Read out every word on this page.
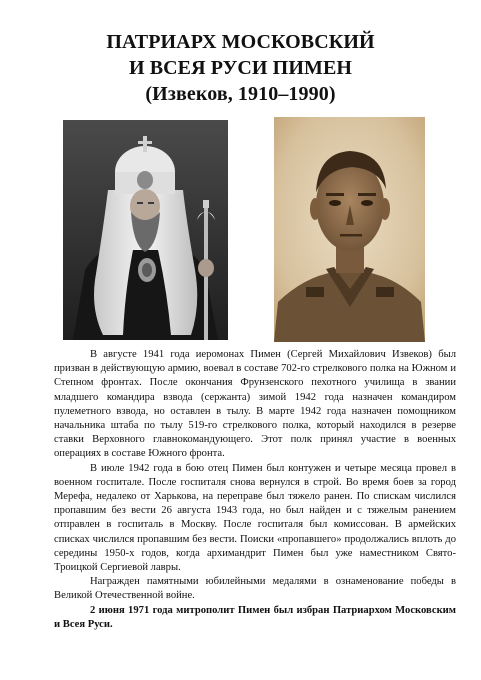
ПАТРИАРХ МОСКОВСКИЙ
И ВСЕЯ РУСИ ПИМЕН
(Извеков, 1910–1990)

В августе 1941 года иеромонах Пимен (Сергей Михайлович Извеков) был призван в действующую армию, воевал в составе 702-го стрелкового полка на Южном и Степном фронтах. После окончания Фрунзенского пехотного училища в звании младшего командира взвода (сержанта) зимой 1942 года назначен командиром пулеметного взвода, но оставлен в тылу. В марте 1942 года назначен помощником начальника штаба по тылу 519-го стрелкового полка, который находился в резерве ставки Верховного главнокомандующего. Этот полк принял участие в военных операциях в составе Южного фронта.

В июле 1942 года в бою отец Пимен был контужен и четыре месяца провел в военном госпитале. После госпиталя снова вернулся в строй. Во время боев за город Мерефа, недалеко от Харькова, на переправе был тяжело ранен. По спискам числился пропавшим без вести 26 августа 1943 года, но был найден и с тяжелым ранением отправлен в госпиталь в Москву. После госпиталя был комиссован. В армейских списках числился пропавшим без вести. Поиски «пропавшего» продолжались вплоть до середины 1950-х годов, когда архимандрит Пимен был уже наместником Свято-Троицкой Сергиевой лавры.

Награжден памятными юбилейными медалями в ознаменование победы в Великой Отечественной войне.

2 июня 1971 года митрополит Пимен был избран Патриархом Московским и Всея Руси.
